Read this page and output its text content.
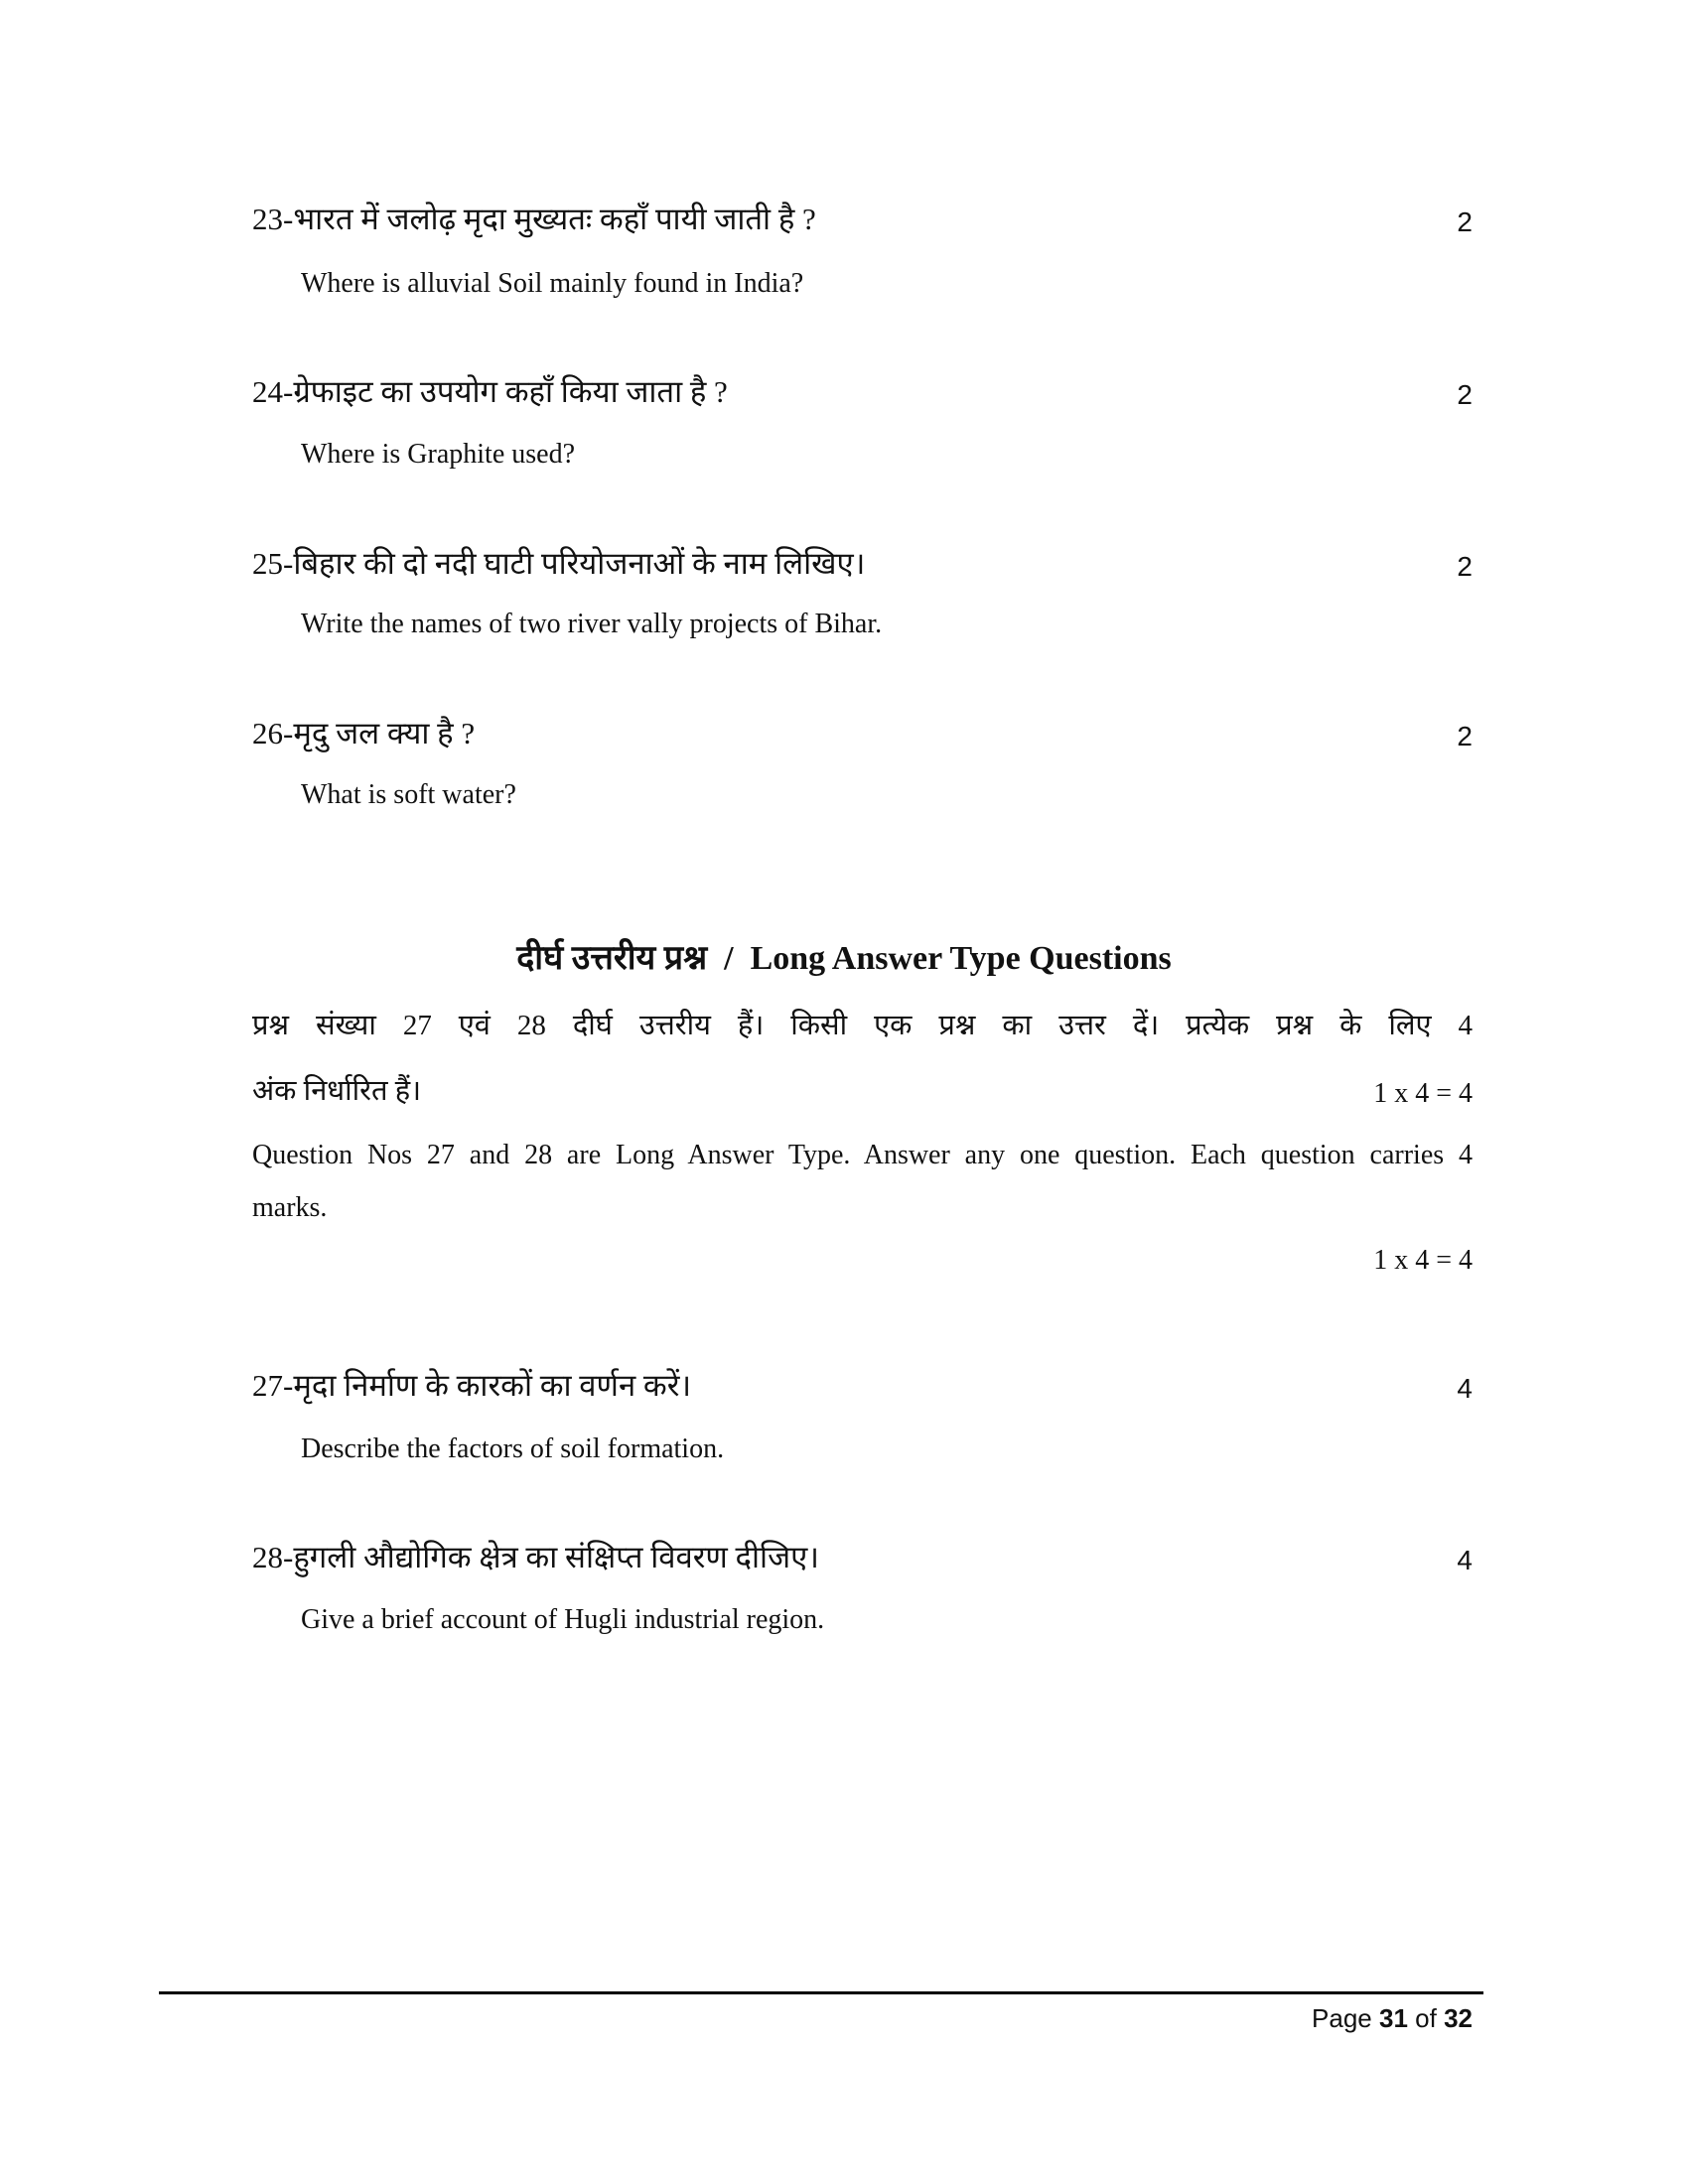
23-भारत में जलोढ़ मृदा मुख्यतः कहाँ पायी जाती है ?	2
Where is alluvial Soil mainly found in India?
24-ग्रेफाइट का उपयोग कहाँ किया जाता है ?	2
Where is Graphite used?
25-बिहार की दो नदी घाटी परियोजनाओं के नाम लिखिए।	2
Write the names of two river vally projects of Bihar.
26-मृदु जल क्या है ?	2
What is soft water?
दीर्घ उत्तरीय प्रश्न  /  Long Answer Type Questions
प्रश्न संख्या 27 एवं 28 दीर्घ उत्तरीय हैं। किसी एक प्रश्न का उत्तर दें। प्रत्येक प्रश्न के लिए 4
अंक निर्धारित हैं।	1 x 4 = 4
Question Nos 27 and 28 are Long Answer Type. Answer any one question. Each question carries 4
marks.
1 x 4 = 4
27-मृदा निर्माण के कारकों का वर्णन करें।	4
Describe the factors of soil formation.
28-हुगली औद्योगिक क्षेत्र का संक्षिप्त विवरण दीजिए।	4
Give a brief account of Hugli industrial region.
Page 31 of 32
